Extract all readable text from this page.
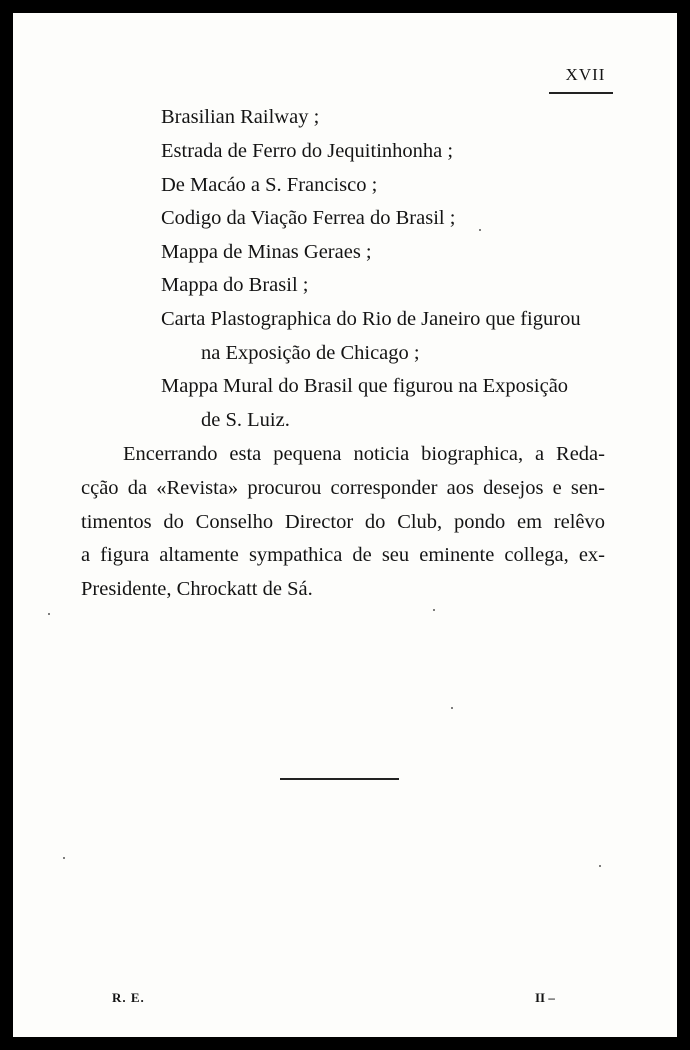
XVII
Brasilian Railway ;
Estrada de Ferro do Jequitinhonha ;
De Macáo a S. Francisco ;
Codigo da Viação Ferrea do Brasil ;
Mappa de Minas Geraes ;
Mappa do Brasil ;
Carta Plastographica do Rio de Janeiro que figurou
na Exposição de Chicago ;
Mappa Mural do Brasil que figurou na Exposição
de S. Luiz.
Encerrando esta pequena noticia biographica, a Reda-
cção da «Revista» procurou corresponder aos desejos e sen-
timentos do Conselho Director do Club, pondo em relêvo
a figura altamente sympathica de seu eminente collega, ex-
Presidente, Chrockatt de Sá.
R. E.	II –
